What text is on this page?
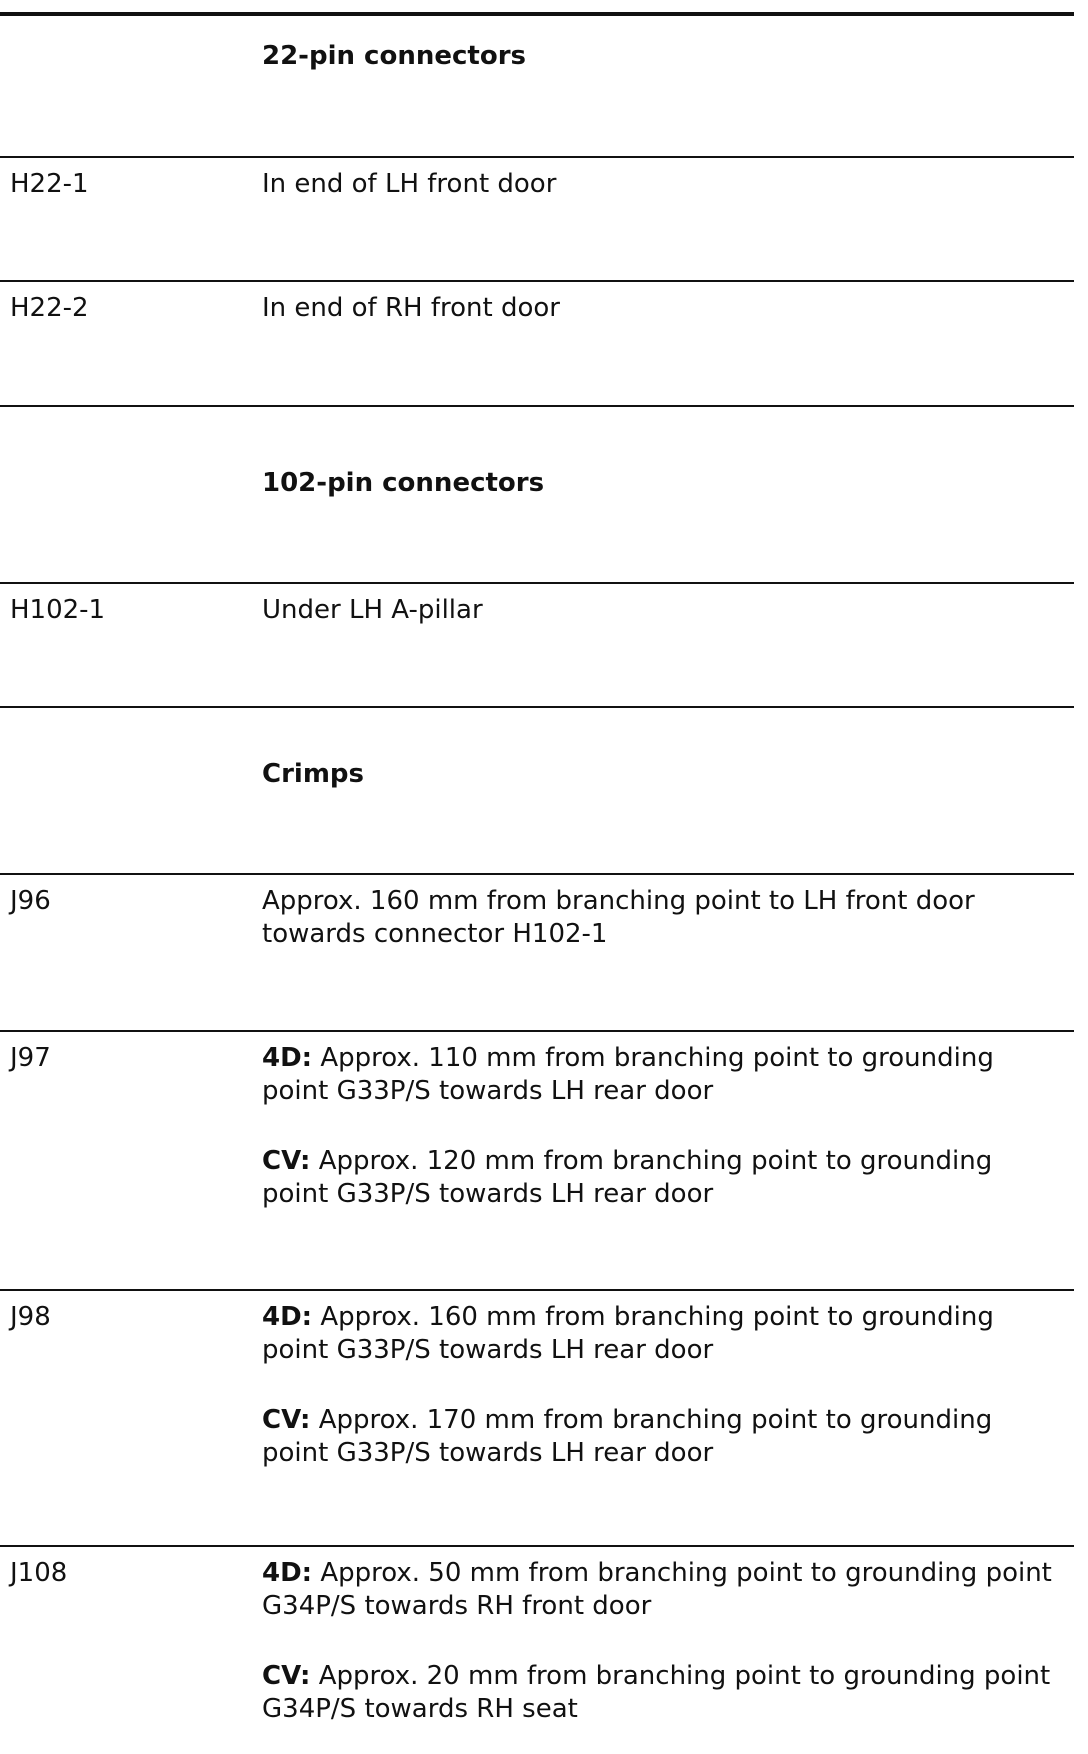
22-pin connectors
H22-1	In end of LH front door
H22-2	In end of RH front door
102-pin connectors
H102-1	Under LH A-pillar
Crimps
J96	Approx. 160 mm from branching point to LH front door towards connector H102-1
J97	4D: Approx. 110 mm from branching point to grounding point G33P/S towards LH rear door
CV: Approx. 120 mm from branching point to grounding point G33P/S towards LH rear door
J98	4D: Approx. 160 mm from branching point to grounding point G33P/S towards LH rear door
CV: Approx. 170 mm from branching point to grounding point G33P/S towards LH rear door
J108	4D: Approx. 50 mm from branching point to grounding point G34P/S towards RH front door
CV: Approx. 20 mm from branching point to grounding point G34P/S towards RH seat
